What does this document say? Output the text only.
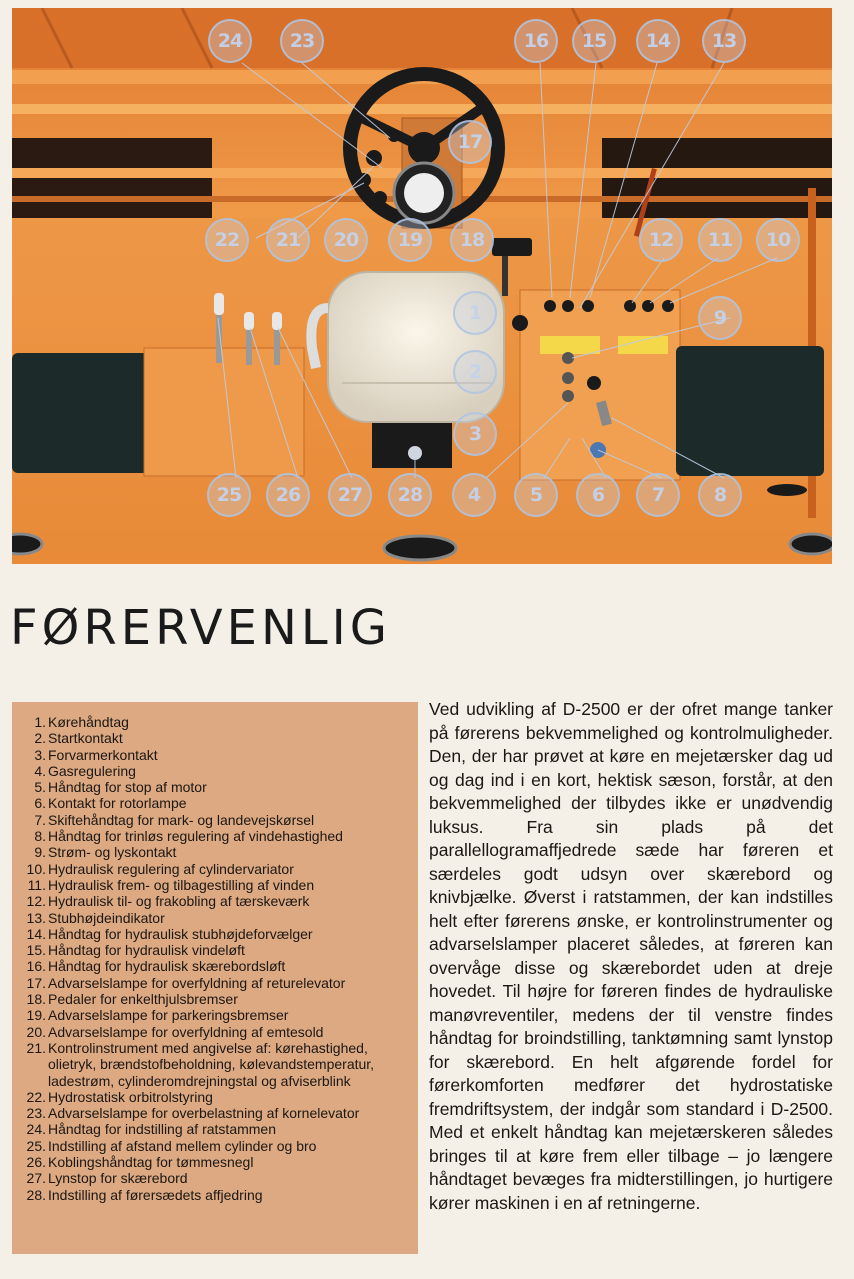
24	23	16	15	14	13
17
22	21	20	19	18	12	11	10
1	9
2
3
25	26	27	28	4	5	6	7	8
FØRERVENLIG
1. Kørehåndtag
2. Startkontakt
3. Forvarmerkontakt
4. Gasregulering
5. Håndtag for stop af motor
6. Kontakt for rotorlampe
7. Skiftehåndtag for mark- og landevejskørsel
8. Håndtag for trinløs regulering af vindehastighed
9. Strøm- og lyskontakt
10. Hydraulisk regulering af cylindervariator
11. Hydraulisk frem- og tilbagestilling af vinden
12. Hydraulisk til- og frakobling af tærskeværk
13. Stubhøjdeindikator
14. Håndtag for hydraulisk stubhøjdeforvælger
15. Håndtag for hydraulisk vindeløft
16. Håndtag for hydraulisk skærebordsløft
17. Advarselslampe for overfyldning af returelevator
18. Pedaler for enkelthjulsbremser
19. Advarselslampe for parkeringsbremser
20. Advarselslampe for overfyldning af emtesold
21. Kontrolinstrument med angivelse af: kørehastighed, olietryk, brændstofbeholdning, kølevandstemperatur, ladestrøm, cylinderomdrejningstal og afviserblink
22. Hydrostatisk orbitrolstyring
23. Advarselslampe for overbelastning af kornelevator
24. Håndtag for indstilling af ratstammen
25. Indstilling af afstand mellem cylinder og bro
26. Koblingshåndtag for tømmesnegl
27. Lynstop for skærebord
28. Indstilling af førersædets affjedring

Ved udvikling af D-2500 er der ofret mange tanker på førerens bekvemmelighed og kontrolmuligheder. Den, der har prøvet at køre en mejetærsker dag ud og dag ind i en kort, hektisk sæson, forstår, at den bekvemmelighed der tilbydes ikke er unødvendig luksus. Fra sin plads på det parallellogramaffjedrede sæde har føreren et særdeles godt udsyn over skærebord og knivbjælke. Øverst i ratstammen, der kan indstilles helt efter førerens ønske, er kontrolinstrumenter og advarselslamper placeret således, at føreren kan overvåge disse og skærebordet uden at dreje hovedet. Til højre for føreren findes de hydrauliske manøvreventiler, medens der til venstre findes håndtag for broindstilling, tanktømning samt lynstop for skærebord. En helt afgørende fordel for førerkomforten medfører det hydrostatiske fremdriftsystem, der indgår som standard i D-2500. Med et enkelt håndtag kan mejetærskeren således bringes til at køre frem eller tilbage – jo længere håndtaget bevæges fra midterstillingen, jo hurtigere kører maskinen i en af retningerne.
